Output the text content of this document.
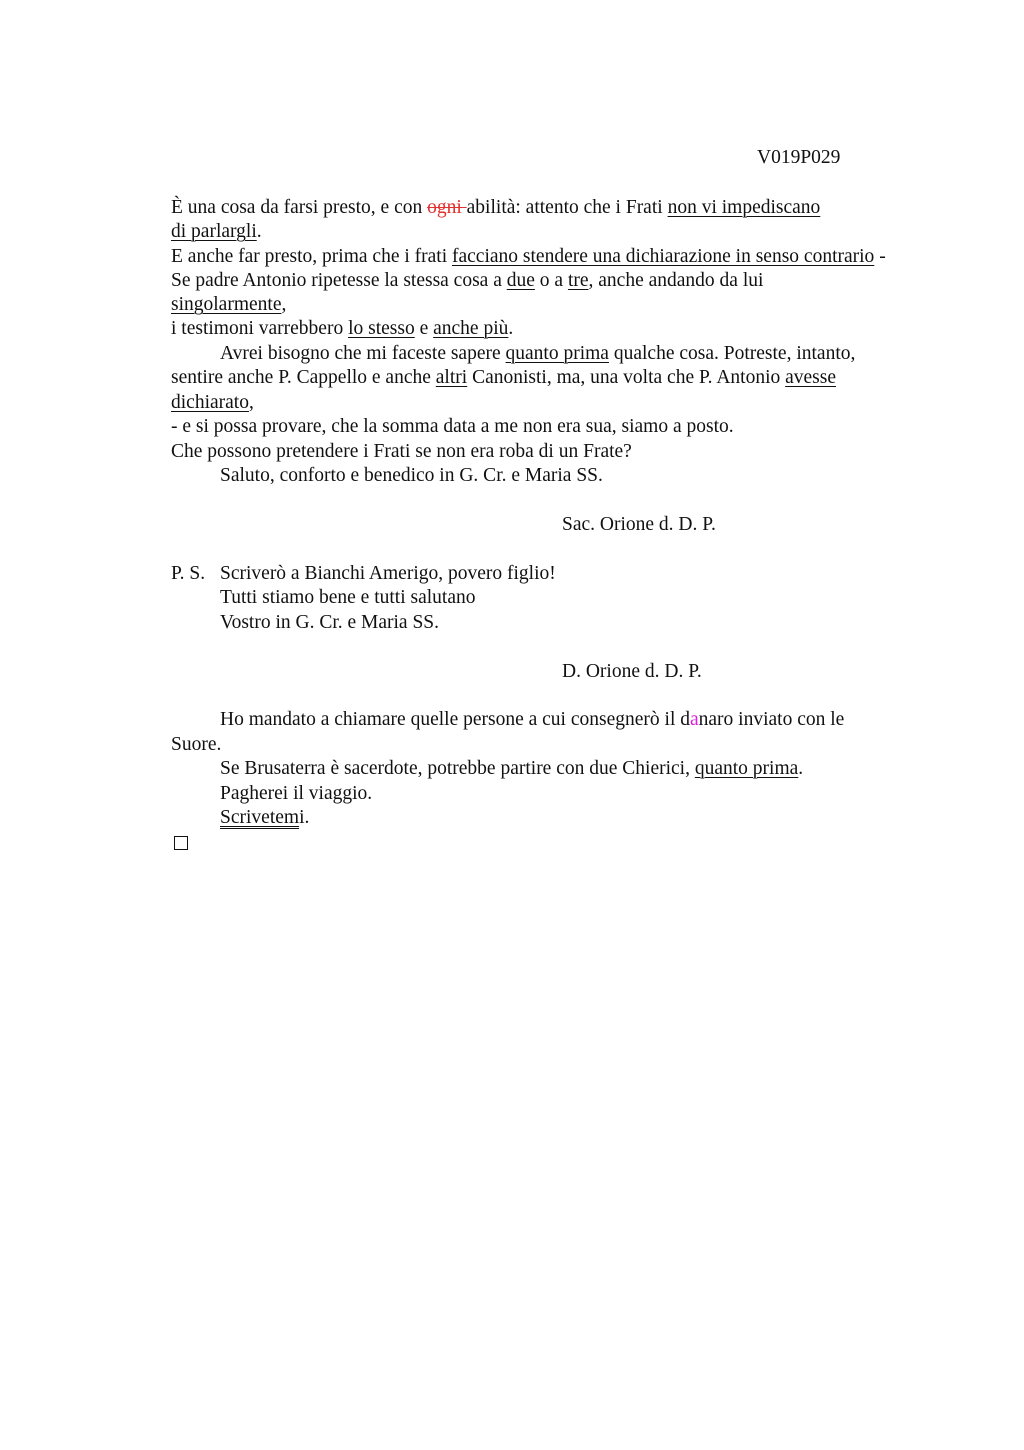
V019P029
È una cosa da farsi presto, e con ogni abilità: attento che i Frati non vi impediscano
di parlargli.
E anche far presto, prima che i frati facciano stendere una dichiarazione in senso contrario -
Se padre Antonio ripetesse la stessa cosa a due o a tre, anche andando da lui
singolarmente,
i testimoni varrebbero lo stesso e anche più.
Avrei bisogno che mi faceste sapere quanto prima qualche cosa. Potreste, intanto,
sentire anche P. Cappello e anche altri Canonisti, ma, una volta che P. Antonio avesse
dichiarato,
- e si possa provare, che la somma data a me non era sua, siamo a posto.
Che possono pretendere i Frati se non era roba di un Frate?
Saluto, conforto e benedico in G. Cr. e Maria SS.
Sac. Orione d. D. P.
P. S. Scriverò a Bianchi Amerigo, povero figlio!
Tutti stiamo bene e tutti salutano
Vostro in G. Cr. e Maria SS.
D. Orione d. D. P.
Ho mandato a chiamare quelle persone a cui consegnerò il danaro inviato con le
Suore.
Se Brusaterra è sacerdote, potrebbe partire con due Chierici, quanto prima.
Pagherei il viaggio.
Scrivetemi.
